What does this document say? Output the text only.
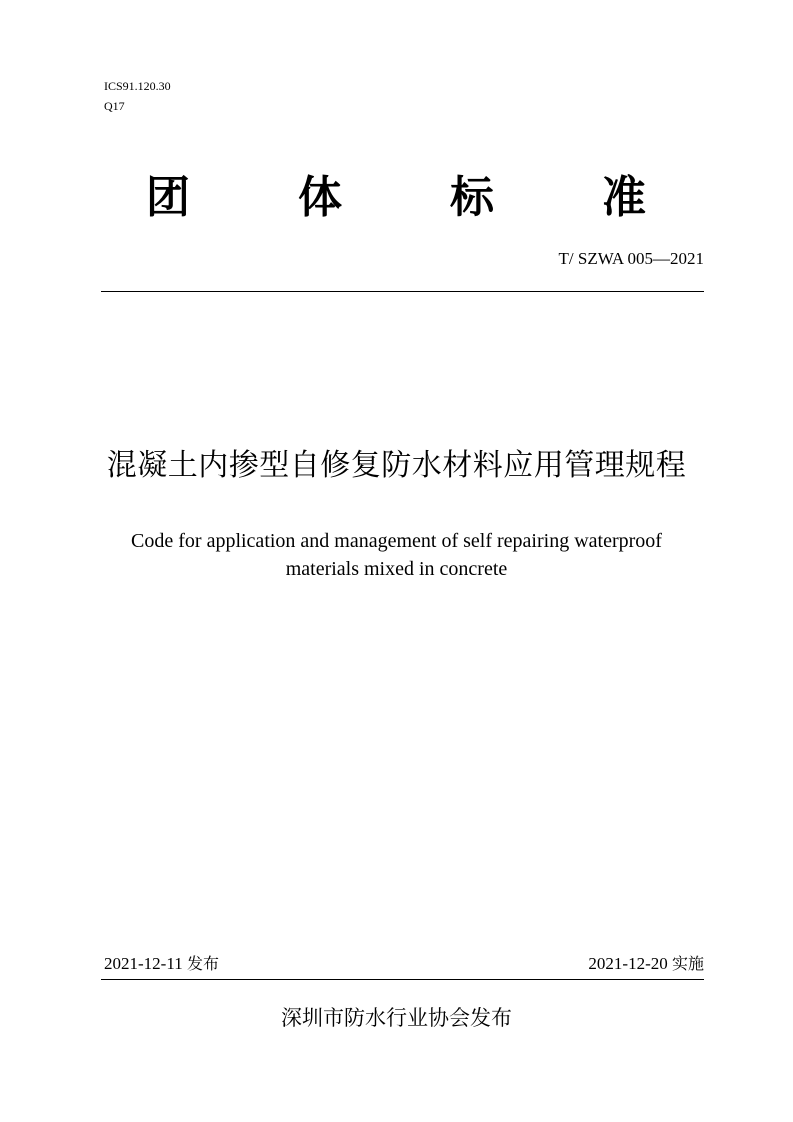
ICS91.120.30
Q17
团 体 标 准
T/ SZWA 005—2021
混凝土内掺型自修复防水材料应用管理规程
Code for application and management of self repairing waterproof
materials mixed in concrete
2021-12-11 发布	2021-12-20 实施
深圳市防水行业协会发布
